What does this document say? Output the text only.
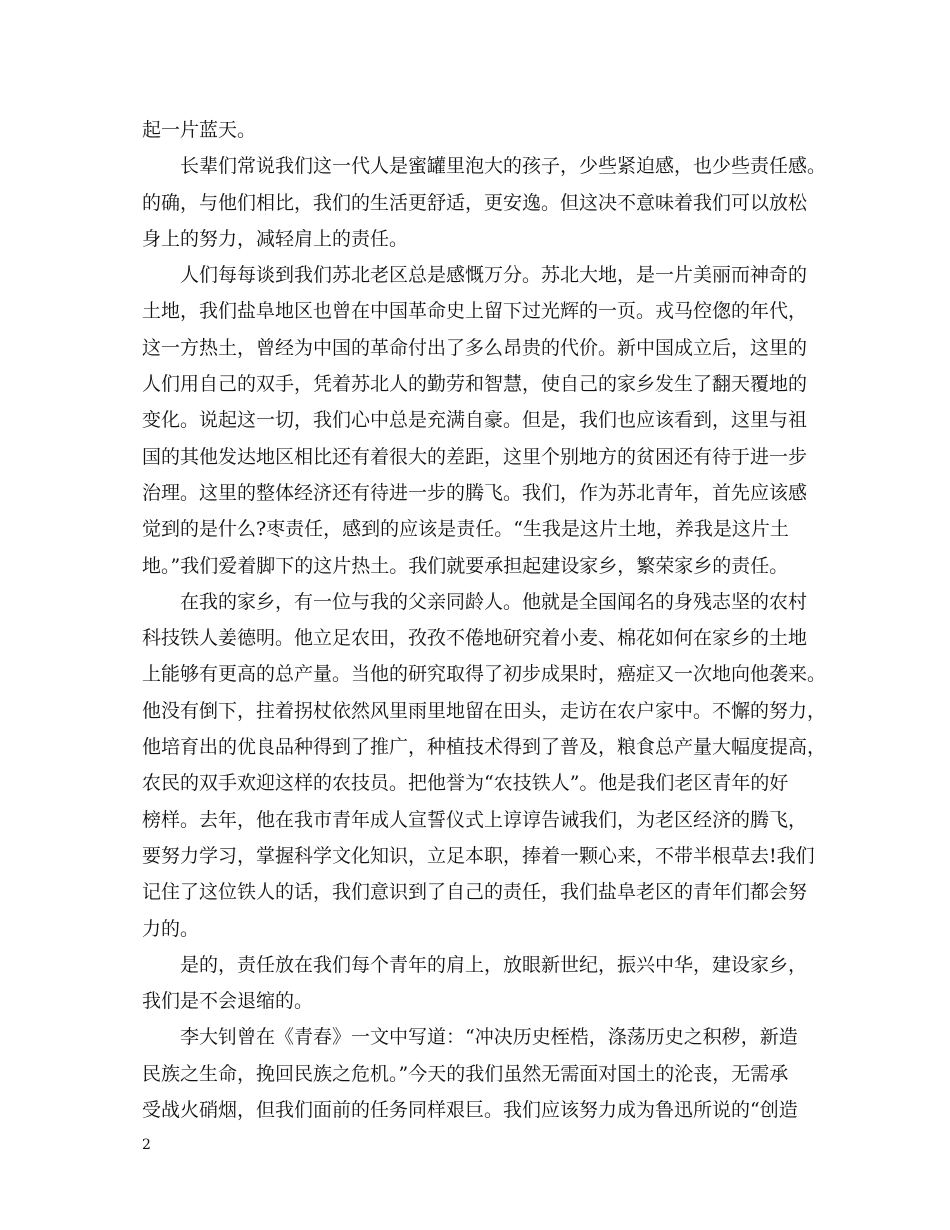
起一片蓝天。
长辈们常说我们这一代人是蜜罐里泡大的孩子，少些紧迫感，也少些责任感。
的确，与他们相比，我们的生活更舒适，更安逸。但这决不意味着我们可以放松
身上的努力，减轻肩上的责任。
人们每每谈到我们苏北老区总是感慨万分。苏北大地，是一片美丽而神奇的
土地，我们盐阜地区也曾在中国革命史上留下过光辉的一页。戎马倥偬的年代，
这一方热土，曾经为中国的革命付出了多么昂贵的代价。新中国成立后，这里的
人们用自己的双手，凭着苏北人的勤劳和智慧，使自己的家乡发生了翻天覆地的
变化。说起这一切，我们心中总是充满自豪。但是，我们也应该看到，这里与祖
国的其他发达地区相比还有着很大的差距，这里个别地方的贫困还有待于进一步
治理。这里的整体经济还有待进一步的腾飞。我们，作为苏北青年，首先应该感
觉到的是什么?枣责任，感到的应该是责任。“生我是这片土地，养我是这片土
地。”我们爱着脚下的这片热土。我们就要承担起建设家乡，繁荣家乡的责任。
在我的家乡，有一位与我的父亲同龄人。他就是全国闻名的身残志坚的农村
科技铁人姜德明。他立足农田，孜孜不倦地研究着小麦、棉花如何在家乡的土地
上能够有更高的总产量。当他的研究取得了初步成果时，癌症又一次地向他袭来。
他没有倒下，拄着拐杖依然风里雨里地留在田头，走访在农户家中。不懈的努力，
他培育出的优良品种得到了推广，种植技术得到了普及，粮食总产量大幅度提高，
农民的双手欢迎这样的农技员。把他誉为“农技铁人”。他是我们老区青年的好
榜样。去年，他在我市青年成人宣誓仪式上谆谆告诫我们，为老区经济的腾飞，
要努力学习，掌握科学文化知识，立足本职，捧着一颗心来，不带半根草去!我们
记住了这位铁人的话，我们意识到了自己的责任，我们盐阜老区的青年们都会努
力的。
是的，责任放在我们每个青年的肩上，放眼新世纪，振兴中华，建设家乡，
我们是不会退缩的。
李大钊曾在《青春》一文中写道：“冲决历史桎梏，涤荡历史之积秽，新造
民族之生命，挽回民族之危机。”今天的我们虽然无需面对国土的沦丧，无需承
受战火硝烟，但我们面前的任务同样艰巨。我们应该努力成为鲁迅所说的“创造
2
